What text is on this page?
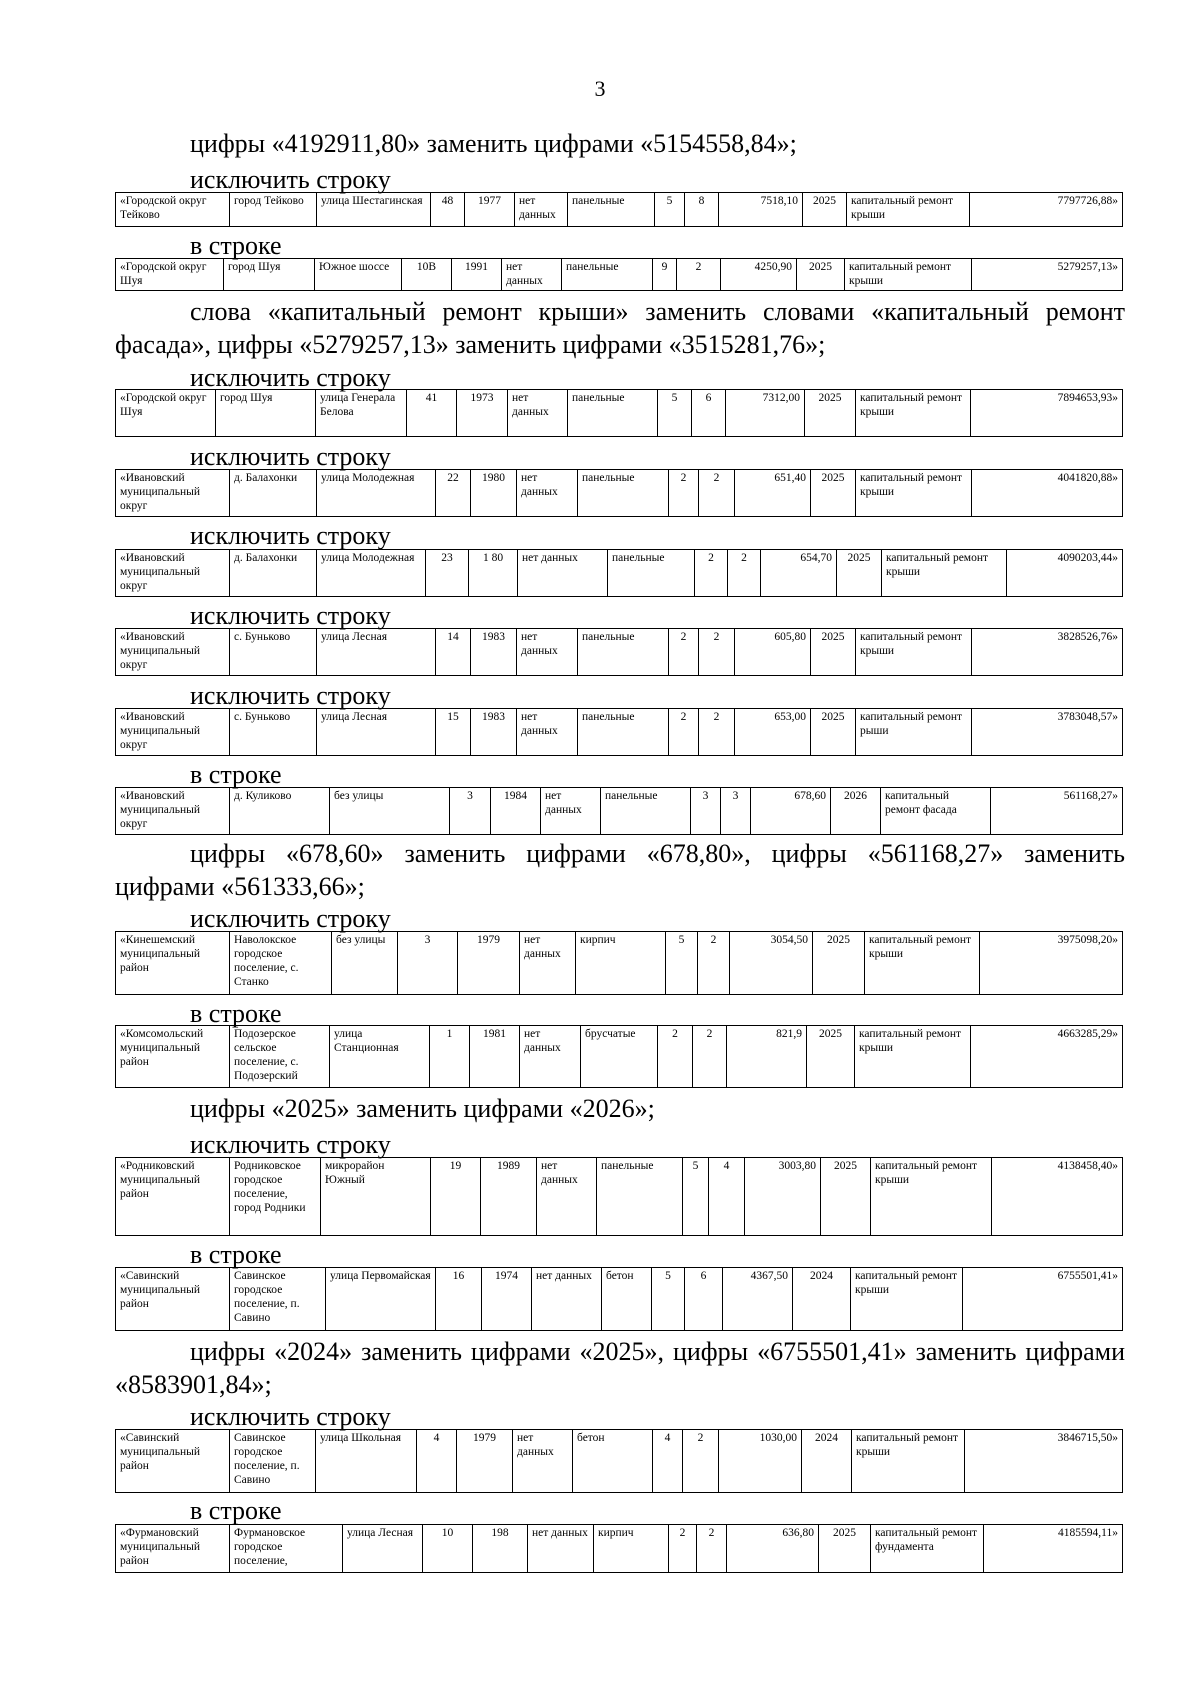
3
цифры «4192911,80» заменить цифрами «5154558,84»;
исключить строку
«Городской округ Тейково	город Тейково	улица Шестагинская	48	1977	нет данных	панельные	5	8	7518,10	2025	капитальный ремонт крыши	7797726,88»
в строке
«Городской округ Шуя	город Шуя	Южное шоссе	10В	1991	нет данных	панельные	9	2	4250,90	2025	капитальный ремонт крыши	5279257,13»
слова «капитальный ремонт крыши» заменить словами «капитальный ремонт фасада», цифры «5279257,13» заменить цифрами «3515281,76»;
исключить строку
«Городской округ Шуя	город Шуя	улица Генерала Белова	41	1973	нет данных	панельные	5	6	7312,00	2025	капитальный ремонт крыши	7894653,93»
исключить строку
«Ивановский муниципальный округ	д. Балахонки	улица Молодежная	22	1980	нет данных	панельные	2	2	651,40	2025	капитальный ремонт крыши	4041820,88»
исключить строку
«Ивановский муниципальный округ	д. Балахонки	улица Молодежная	23	1 80	нет данных	панельные	2	2	654,70	2025	капитальный ремонт крыши	4090203,44»
исключить строку
«Ивановский муниципальный округ	с. Буньково	улица Лесная	14	1983	нет данных	панельные	2	2	605,80	2025	капитальный ремонт крыши	3828526,76»
исключить строку
«Ивановский муниципальный округ	с. Буньково	улица Лесная	15	1983	нет данных	панельные	2	2	653,00	2025	капитальный ремонт рыши	3783048,57»
в строке
«Ивановский муниципальный округ	д. Куликово	без улицы	3	1984	нет данных	панельные	3	3	678,60	2026	капитальный ремонт фасада	561168,27»
цифры «678,60» заменить цифрами «678,80», цифры «561168,27» заменить цифрами «561333,66»;
исключить строку
«Кинешемский муниципальный район	Наволокское городское поселение, с. Станко	без улицы	3	1979	нет данных	кирпич	5	2	3054,50	2025	капитальный ремонт крыши	3975098,20»
в строке
«Комсомольский муниципальный район	Подозерское сельское поселение, с. Подозерский	улица Станционная	1	1981	нет данных	брусчатые	2	2	821,9	2025	капитальный ремонт крыши	4663285,29»
цифры «2025» заменить цифрами «2026»;
исключить строку
«Родниковский муниципальный район	Родниковское городское поселение, город Родники	микрорайон Южный	19	1989	нет данных	панельные	5	4	3003,80	2025	капитальный ремонт крыши	4138458,40»
в строке
«Савинский муниципальный район	Савинское городское поселение, п. Савино	улица Первомайская	16	1974	нет данных	бетон	5	6	4367,50	2024	капитальный ремонт крыши	6755501,41»
цифры «2024» заменить цифрами «2025», цифры «6755501,41» заменить цифрами «8583901,84»;
исключить строку
«Савинский муниципальный район	Савинское городское поселение, п. Савино	улица Школьная	4	1979	нет данных	бетон	4	2	1030,00	2024	капитальный ремонт крыши	3846715,50»
в строке
«Фурмановский муниципальный район	Фурмановское городское поселение,	улица Лесная	10	198	нет данных	кирпич	2	2	636,80	2025	капитальный ремонт фундамента	4185594,11»
